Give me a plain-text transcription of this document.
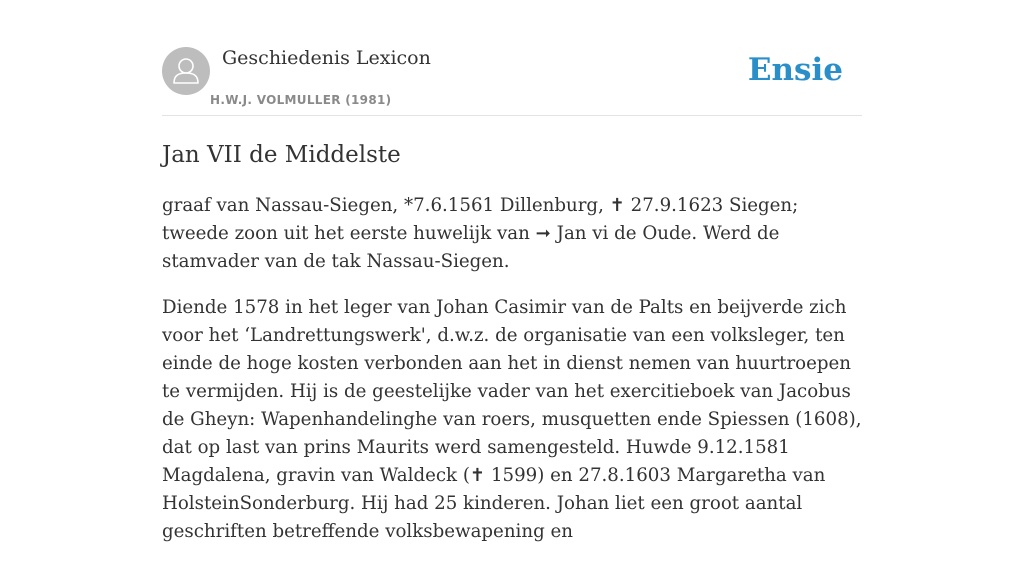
Geschiedenis Lexicon
H.W.J. VOLMULLER (1981)
Ensie
Jan VII de Middelste

graaf van Nassau-Siegen, *7.6.1561 Dillenburg, ✝ 27.9.1623 Siegen; tweede zoon uit het eerste huwelijk van ➞ Jan vi de Oude. Werd de stamvader van de tak Nassau-Siegen.

Diende 1578 in het leger van Johan Casimir van de Palts en beijverde zich voor het ‘Landrettungswerk', d.w.z. de organisatie van een volksleger, ten einde de hoge kosten verbonden aan het in dienst nemen van huurtroepen te vermijden. Hij is de geestelijke vader van het exercitieboek van Jacobus de Gheyn: Wapenhandelinghe van roers, musquetten ende Spiessen (1608), dat op last van prins Maurits werd samengesteld. Huwde 9.12.1581 Magdalena, gravin van Waldeck (✝ 1599) en 27.8.1603 Margaretha van HolsteinSonderburg. Hij had 25 kinderen. Johan liet een groot aantal geschriften betreffende volksbewapening en
